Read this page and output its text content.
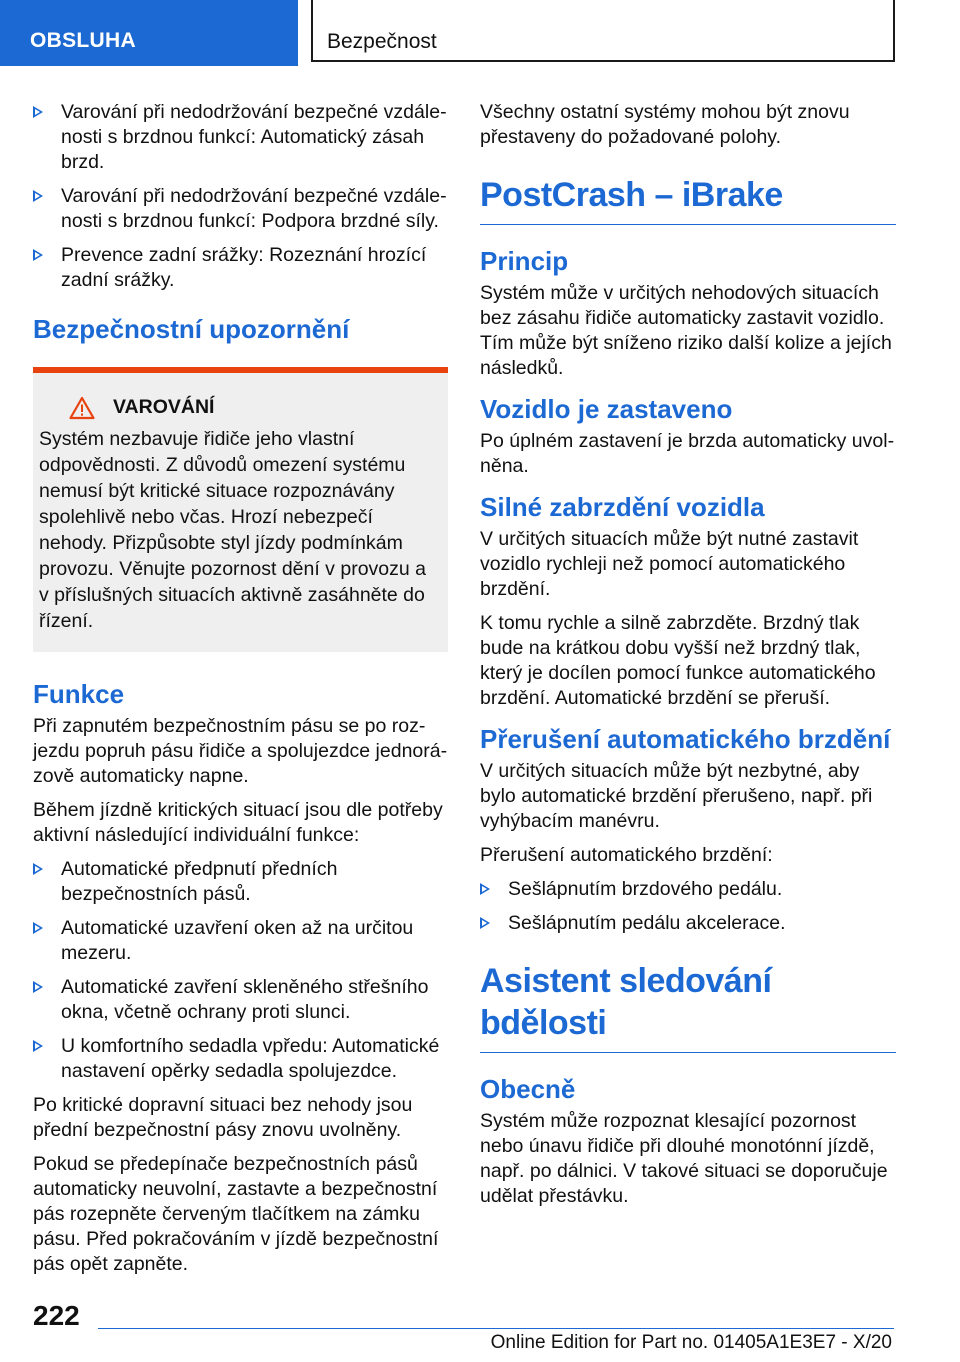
OBSLUHA	Bezpečnost
Varování při nedodržování bezpečné vzdálenosti s brzdnou funkcí: Automatický zásah brzd.
Varování při nedodržování bezpečné vzdálenosti s brzdnou funkcí: Podpora brzdné síly.
Prevence zadní srážky: Rozeznání hrozící zadní srážky.
Bezpečnostní upozornění
VAROVÁNÍ

Systém nezbavuje řidiče jeho vlastní odpovědnosti. Z důvodů omezení systému nemusí být kritické situace rozpoznávány spolehlivě nebo včas. Hrozí nebezpečí nehody. Přizpůsobte styl jízdy podmínkám provozu. Věnujte pozornost dění v provozu a v příslušných situacích aktivně zasáhněte do řízení.

Funkce

Při zapnutém bezpečnostním pásu se po rozjezdu popruh pásu řidiče a spolujezdce jednorázově automaticky napne.

Během jízdně kritických situací jsou dle potřeby aktivní následující individuální funkce:

Automatické předpnutí předních bezpečnostních pásů.
Automatické uzavření oken až na určitou mezeru.
Automatické zavření skleněného střešního okna, včetně ochrany proti slunci.
U komfortního sedadla vpředu: Automatické nastavení opěrky sedadla spolujezdce.

Po kritické dopravní situaci bez nehody jsou přední bezpečnostní pásy znovu uvolněny.

Pokud se předepínače bezpečnostních pásů automaticky neuvolní, zastavte a bezpečnostní pás rozepněte červeným tlačítkem na zámku pásu. Před pokračováním v jízdě bezpečnostní pás opět zapněte.

Všechny ostatní systémy mohou být znovu přestaveny do požadované polohy.

PostCrash – iBrake
Princip

Systém může v určitých nehodových situacích bez zásahu řidiče automaticky zastavit vozidlo. Tím může být sníženo riziko další kolize a jejích následků.

Vozidlo je zastaveno

Po úplném zastavení je brzda automaticky uvolněna.

Silné zabrzdění vozidla

V určitých situacích může být nutné zastavit vozidlo rychleji než pomocí automatického brzdění.

K tomu rychle a silně zabrzděte. Brzdný tlak bude na krátkou dobu vyšší než brzdný tlak, který je docílen pomocí funkce automatického brzdění. Automatické brzdění se přeruší.

Přerušení automatického brzdění

V určitých situacích může být nezbytné, aby bylo automatické brzdění přerušeno, např. při vyhýbacím manévru.

Přerušení automatického brzdění:

Sešlápnutím brzdového pedálu.
Sešlápnutím pedálu akcelerace.
Asistent sledování bdělosti
Obecně

Systém může rozpoznat klesající pozornost nebo únavu řidiče při dlouhé monotónní jízdě, např. po dálnici. V takové situaci se doporučuje udělat přestávku.

222
Online Edition for Part no. 01405A1E3E7 - X/20
